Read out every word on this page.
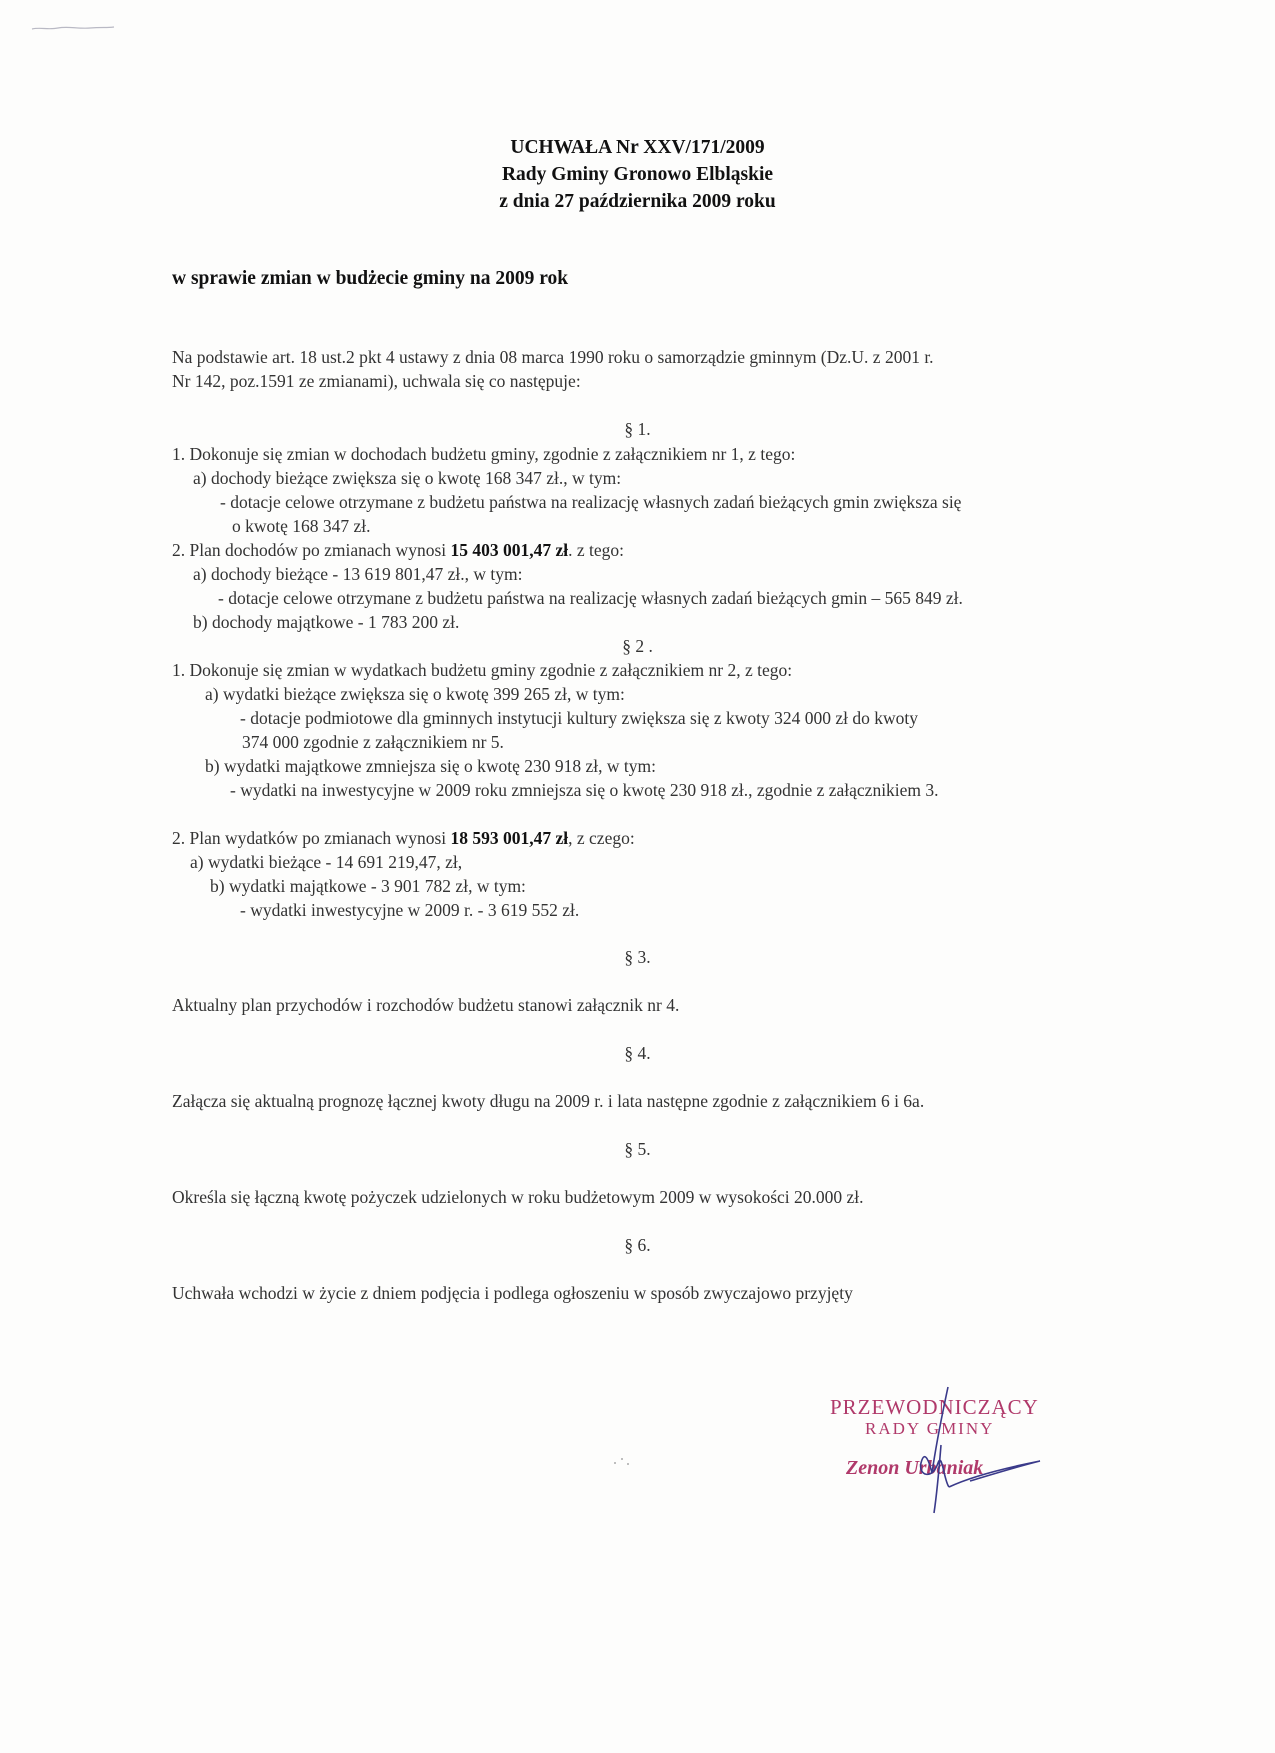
UCHWAŁA Nr XXV/171/2009
Rady Gminy Gronowo Elbląskie
z dnia 27 października 2009 roku
w sprawie zmian w budżecie gminy na 2009 rok
Na podstawie art. 18 ust.2 pkt 4 ustawy z dnia 08 marca 1990 roku o samorządzie gminnym (Dz.U. z 2001 r.
Nr 142, poz.1591 ze zmianami), uchwala się co następuje:
§ 1.
1. Dokonuje się zmian w dochodach budżetu gminy, zgodnie z załącznikiem nr 1, z tego:
a) dochody bieżące zwiększa się o kwotę 168 347 zł., w tym:
- dotacje celowe otrzymane z budżetu państwa na realizację własnych zadań bieżących gmin zwiększa się
o kwotę 168 347 zł.
2. Plan dochodów po zmianach wynosi 15 403 001,47 zł. z tego:
a) dochody bieżące - 13 619 801,47 zł., w tym:
- dotacje celowe otrzymane z budżetu państwa na realizację własnych zadań bieżących gmin – 565 849 zł.
b) dochody majątkowe - 1 783 200 zł.
§ 2 .
1. Dokonuje się zmian w wydatkach budżetu gminy zgodnie z załącznikiem nr 2, z tego:
a) wydatki bieżące zwiększa się o kwotę 399 265 zł, w tym:
- dotacje podmiotowe dla gminnych instytucji kultury zwiększa się z kwoty 324 000 zł do kwoty
374 000 zgodnie z załącznikiem nr 5.
b) wydatki majątkowe zmniejsza się o kwotę 230 918 zł, w tym:
- wydatki na inwestycyjne w 2009 roku zmniejsza się o kwotę 230 918 zł., zgodnie z załącznikiem 3.
2. Plan wydatków po zmianach wynosi 18 593 001,47 zł, z czego:
a) wydatki bieżące - 14 691 219,47, zł,
b) wydatki majątkowe - 3 901 782 zł, w tym:
- wydatki inwestycyjne w 2009 r. - 3 619 552 zł.
§ 3.
Aktualny plan przychodów i rozchodów budżetu stanowi załącznik nr 4.
§ 4.
Załącza się aktualną prognozę łącznej kwoty długu na 2009 r. i lata następne zgodnie z załącznikiem 6 i 6a.
§ 5.
Określa się łączną kwotę pożyczek udzielonych w roku budżetowym 2009 w wysokości 20.000 zł.
§ 6.
Uchwała wchodzi w życie z dniem podjęcia i podlega ogłoszeniu w sposób zwyczajowo przyjęty
PRZEWODNICZĄCY
RADY GMINY
Zenon Urbaniak
